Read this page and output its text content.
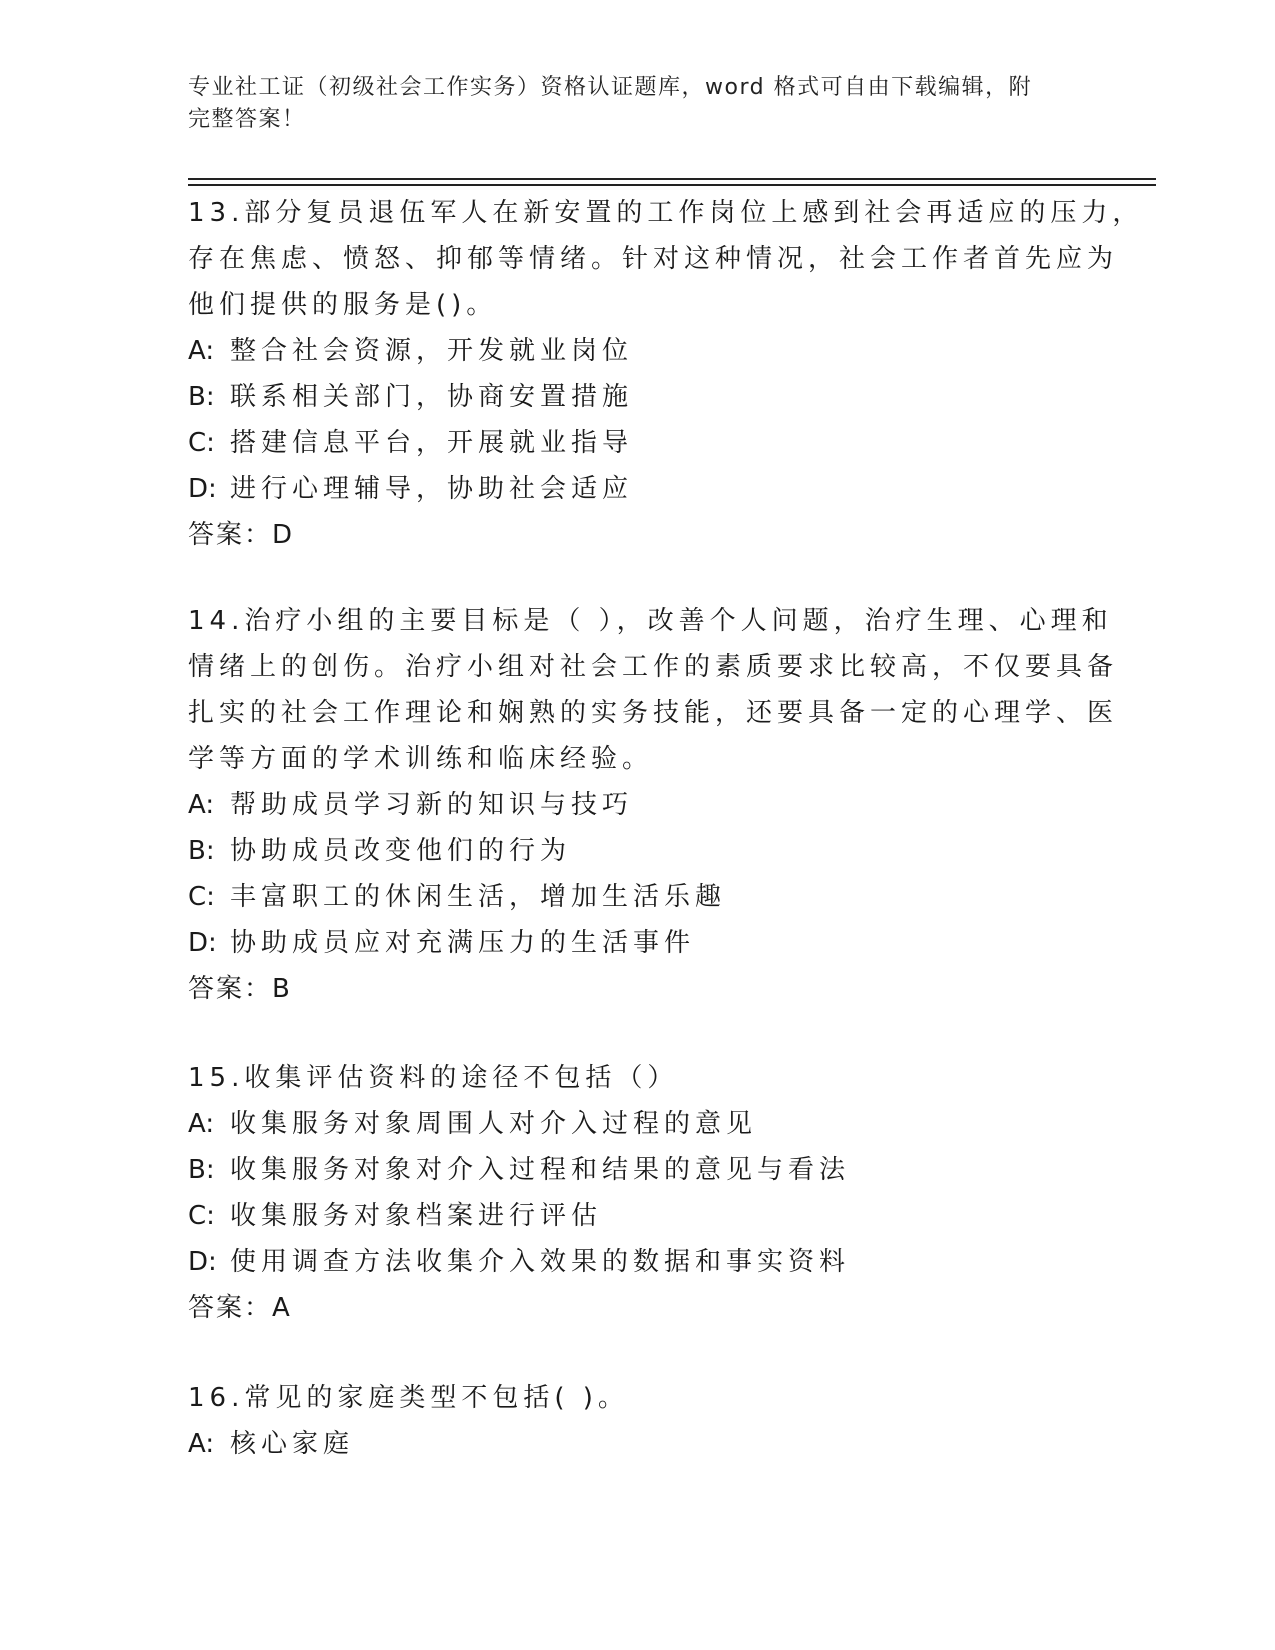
专业社工证（初级社会工作实务）资格认证题库，word 格式可自由下载编辑，附
完整答案！
13.部分复员退伍军人在新安置的工作岗位上感到社会再适应的压力，
存在焦虑、愤怒、抑郁等情绪。针对这种情况，社会工作者首先应为
他们提供的服务是()。
A: 整合社会资源，开发就业岗位
B: 联系相关部门，协商安置措施
C: 搭建信息平台，开展就业指导
D: 进行心理辅导，协助社会适应
答案：D
14.治疗小组的主要目标是（ ），改善个人问题，治疗生理、心理和
情绪上的创伤。治疗小组对社会工作的素质要求比较高，不仅要具备
扎实的社会工作理论和娴熟的实务技能，还要具备一定的心理学、医
学等方面的学术训练和临床经验。
A: 帮助成员学习新的知识与技巧
B: 协助成员改变他们的行为
C: 丰富职工的休闲生活，增加生活乐趣
D: 协助成员应对充满压力的生活事件
答案：B
15.收集评估资料的途径不包括（）
A: 收集服务对象周围人对介入过程的意见
B: 收集服务对象对介入过程和结果的意见与看法
C: 收集服务对象档案进行评估
D: 使用调查方法收集介入效果的数据和事实资料
答案：A
16.常见的家庭类型不包括( )。
A: 核心家庭
